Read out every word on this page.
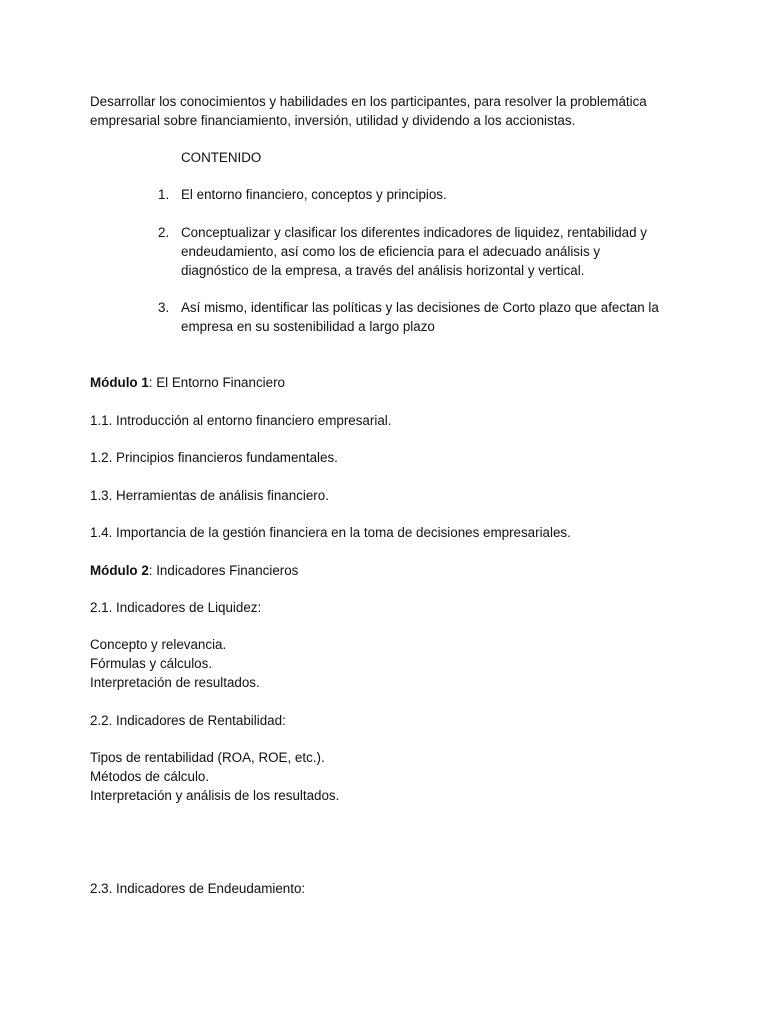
Desarrollar los conocimientos y habilidades en los participantes, para resolver la problemática
empresarial sobre financiamiento, inversión, utilidad y dividendo a los accionistas.
CONTENIDO
1. El entorno financiero, conceptos y principios.
2. Conceptualizar y clasificar los diferentes indicadores de liquidez, rentabilidad y
endeudamiento, así como los de eficiencia para el adecuado análisis y
diagnóstico de la empresa, a través del análisis horizontal y vertical.
3. Así mismo, identificar las políticas y las decisiones de Corto plazo que afectan la
empresa en su sostenibilidad a largo plazo
Módulo 1: El Entorno Financiero
1.1. Introducción al entorno financiero empresarial.
1.2. Principios financieros fundamentales.
1.3. Herramientas de análisis financiero.
1.4. Importancia de la gestión financiera en la toma de decisiones empresariales.
Módulo 2: Indicadores Financieros
2.1. Indicadores de Liquidez:
Concepto y relevancia.
Fórmulas y cálculos.
Interpretación de resultados.
2.2. Indicadores de Rentabilidad:
Tipos de rentabilidad (ROA, ROE, etc.).
Métodos de cálculo.
Interpretación y análisis de los resultados.
2.3. Indicadores de Endeudamiento:
